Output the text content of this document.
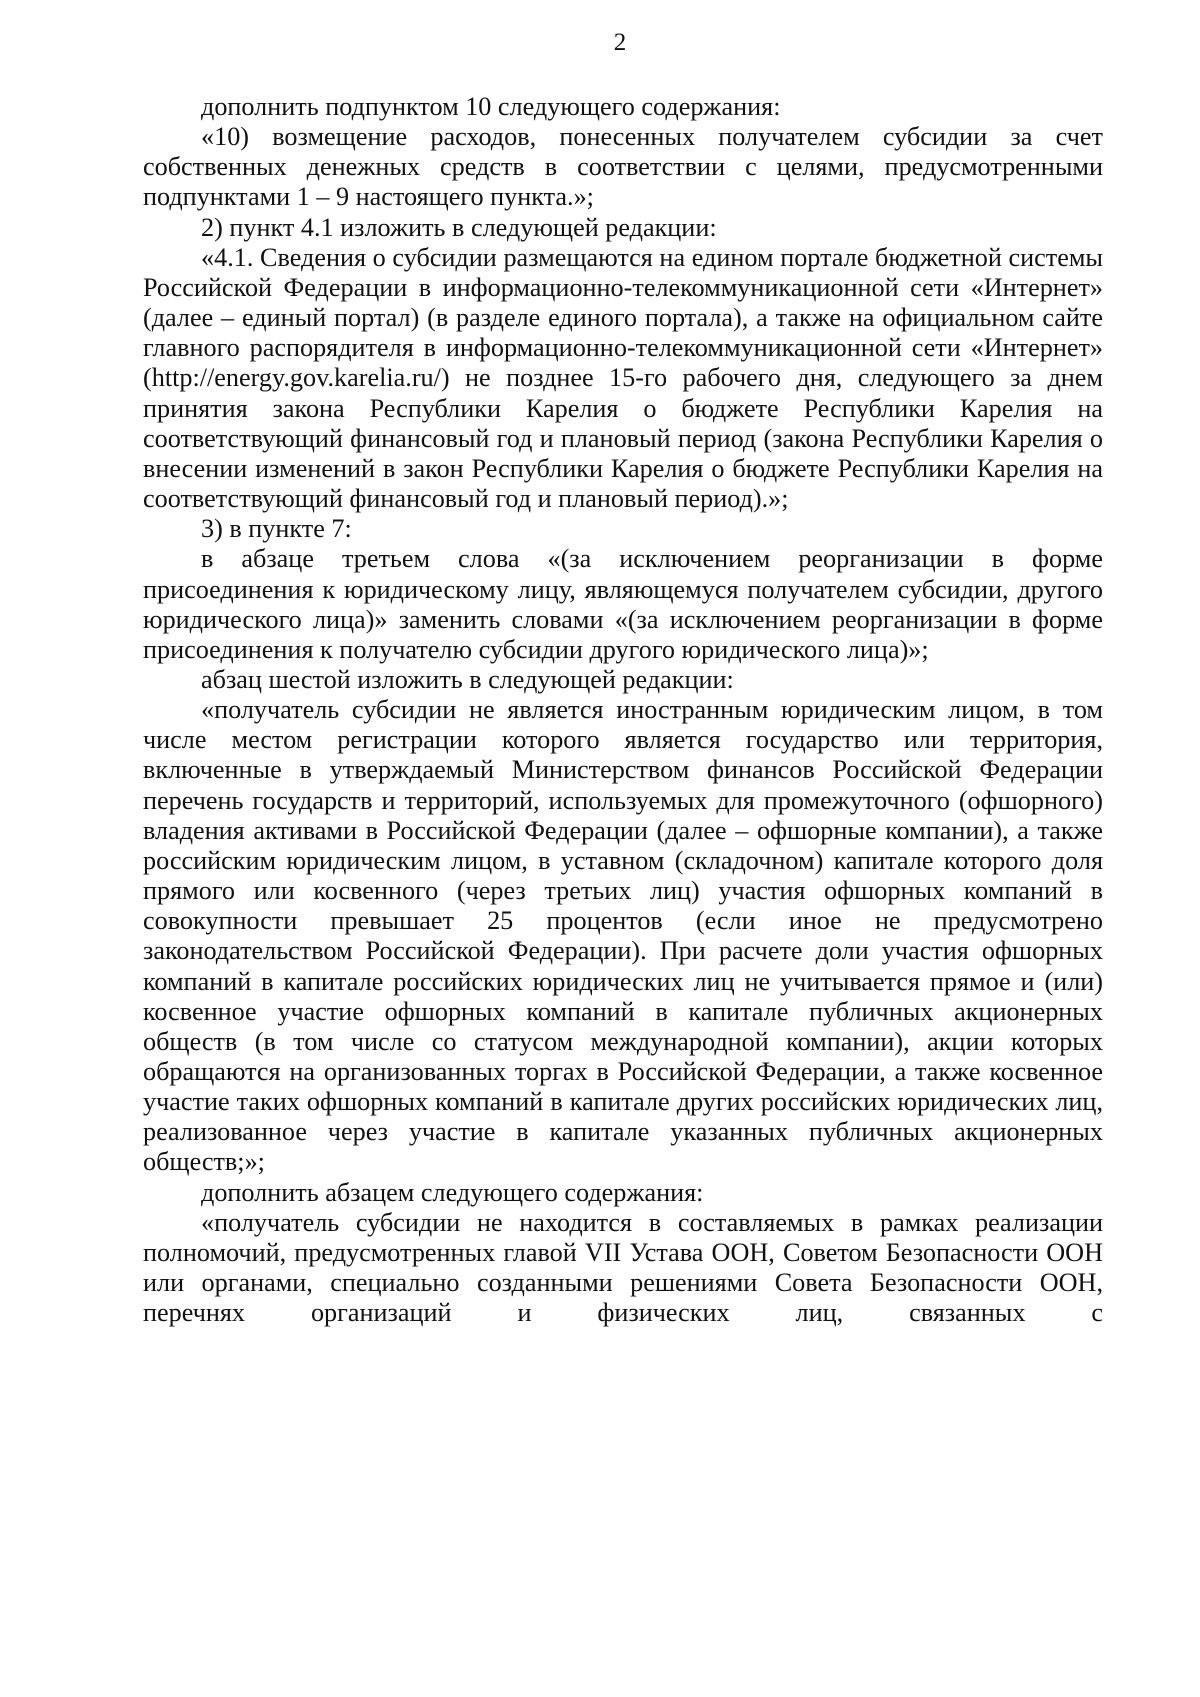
2

дополнить подпунктом 10 следующего содержания:

«10) возмещение расходов, понесенных получателем субсидии за счет собственных денежных средств в соответствии с целями, предусмотренными подпунктами 1 – 9 настоящего пункта.»;

2) пункт 4.1 изложить в следующей редакции:

«4.1. Сведения о субсидии размещаются на едином портале бюджетной системы Российской Федерации в информационно-телекоммуникационной сети «Интернет» (далее – единый портал) (в разделе единого портала), а также на официальном сайте главного распорядителя в информационно-телекоммуникационной сети «Интернет» (http://energy.gov.karelia.ru/) не позднее 15-го рабочего дня, следующего за днем принятия закона Республики Карелия о бюджете Республики Карелия на соответствующий финансовый год и плановый период (закона Республики Карелия о внесении изменений в закон Республики Карелия о бюджете Республики Карелия на соответствующий финансовый год и плановый период).»;

3) в пункте 7:

в абзаце третьем слова «(за исключением реорганизации в форме присоединения к юридическому лицу, являющемуся получателем субсидии, другого юридического лица)» заменить словами «(за исключением реорганизации в форме присоединения к получателю субсидии другого юридического лица)»;

абзац шестой изложить в следующей редакции:

«получатель субсидии не является иностранным юридическим лицом, в том числе местом регистрации которого является государство или территория, включенные в утверждаемый Министерством финансов Российской Федерации перечень государств и территорий, используемых для промежуточного (офшорного) владения активами в Российской Федерации (далее – офшорные компании), а также российским юридическим лицом, в уставном (складочном) капитале которого доля прямого или косвенного (через третьих лиц) участия офшорных компаний в совокупности превышает 25 процентов (если иное не предусмотрено законодательством Российской Федерации). При расчете доли участия офшорных компаний в капитале российских юридических лиц не учитывается прямое и (или) косвенное участие офшорных компаний в капитале публичных акционерных обществ (в том числе со статусом международной компании), акции которых обращаются на организованных торгах в Российской Федерации, а также косвенное участие таких офшорных компаний в капитале других российских юридических лиц, реализованное через участие в капитале указанных публичных акционерных обществ;»;

дополнить абзацем следующего содержания:

«получатель субсидии не находится в составляемых в рамках реализации полномочий, предусмотренных главой VII Устава ООН, Советом Безопасности ООН или органами, специально созданными решениями Совета Безопасности ООН, перечнях организаций и физических лиц, связанных с
